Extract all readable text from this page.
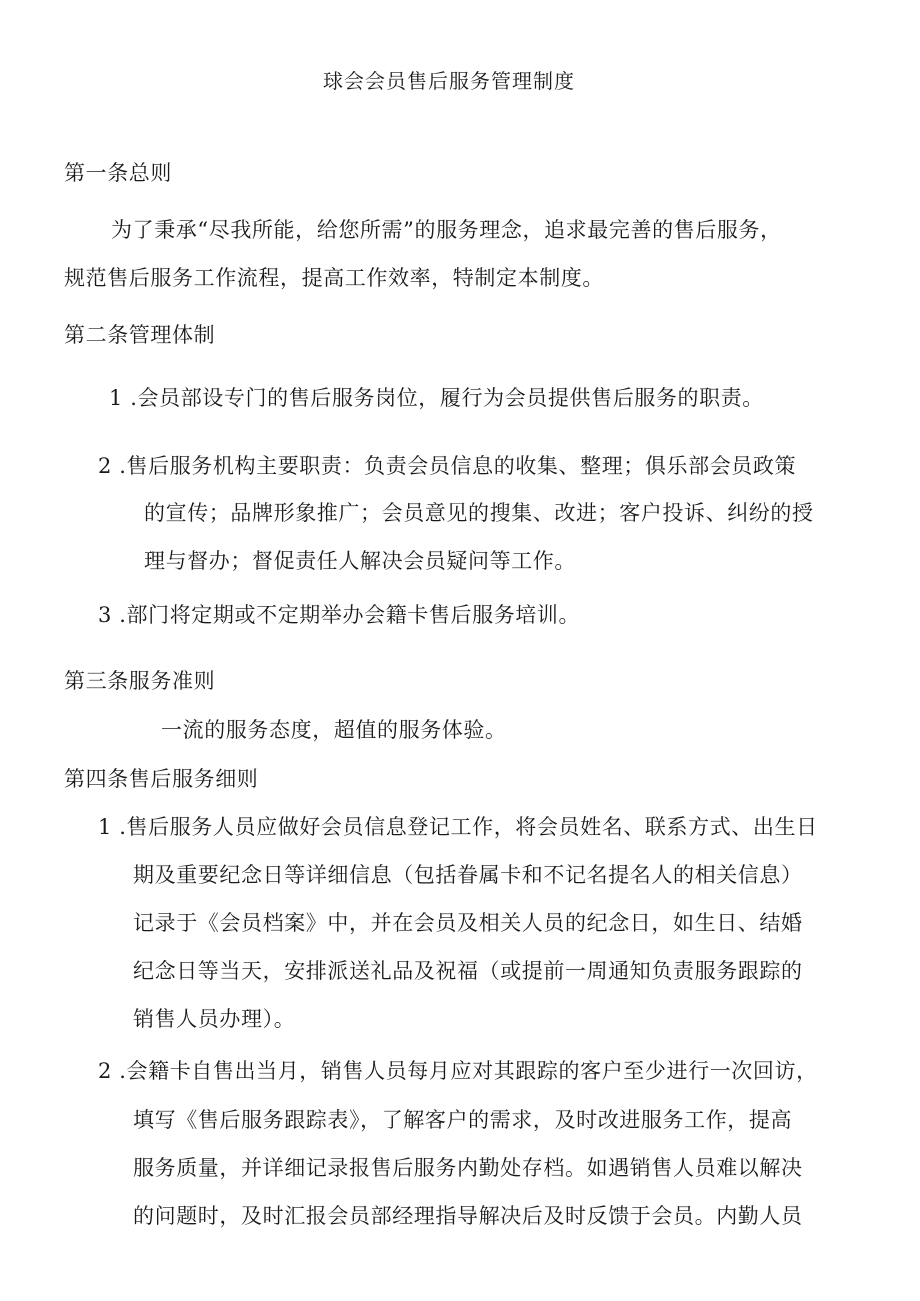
球会会员售后服务管理制度
第一条总则
为了秉承“尽我所能，给您所需”的服务理念，追求最完善的售后服务，
规范售后服务工作流程，提高工作效率，特制定本制度。
第二条管理体制
1 .会员部设专门的售后服务岗位，履行为会员提供售后服务的职责。
2 .售后服务机构主要职责：负责会员信息的收集、整理；俱乐部会员政策
的宣传；品牌形象推广；会员意见的搜集、改进；客户投诉、纠纷的授
理与督办；督促责任人解决会员疑问等工作。
3 .部门将定期或不定期举办会籍卡售后服务培训。
第三条服务准则
一流的服务态度，超值的服务体验。
第四条售后服务细则
1 .售后服务人员应做好会员信息登记工作，将会员姓名、联系方式、出生日
期及重要纪念日等详细信息（包括眷属卡和不记名提名人的相关信息）
记录于《会员档案》中，并在会员及相关人员的纪念日，如生日、结婚
纪念日等当天，安排派送礼品及祝福（或提前一周通知负责服务跟踪的
销售人员办理）。
2 .会籍卡自售出当月，销售人员每月应对其跟踪的客户至少进行一次回访，
填写《售后服务跟踪表》，了解客户的需求，及时改进服务工作，提高
服务质量，并详细记录报售后服务内勤处存档。如遇销售人员难以解决
的问题时，及时汇报会员部经理指导解决后及时反馈于会员。内勤人员
